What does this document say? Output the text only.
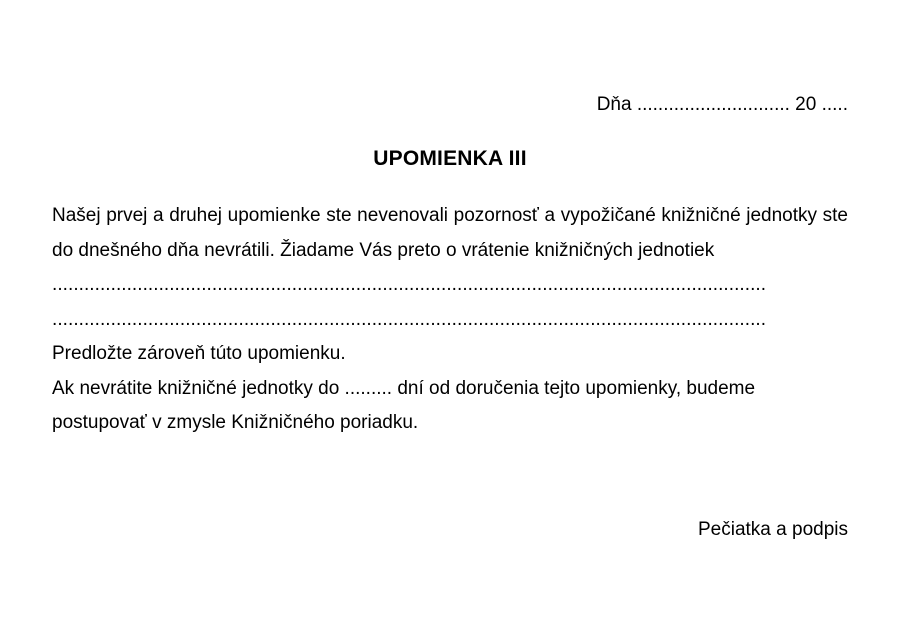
Dňa ............................. 20 .....
UPOMIENKA III
Našej prvej a druhej upomienke ste nevenovali pozornosť a vypožičané knižničné jednotky ste do dnešného dňa nevrátili. Žiadame Vás preto o vrátenie knižničných jednotiek
......................................................................................................................................
......................................................................................................................................
Predložte zároveň túto upomienku.
Ak nevrátite knižničné jednotky do ......... dní od doručenia tejto upomienky, budeme postupovať v zmysle Knižničného poriadku.
Pečiatka a podpis
